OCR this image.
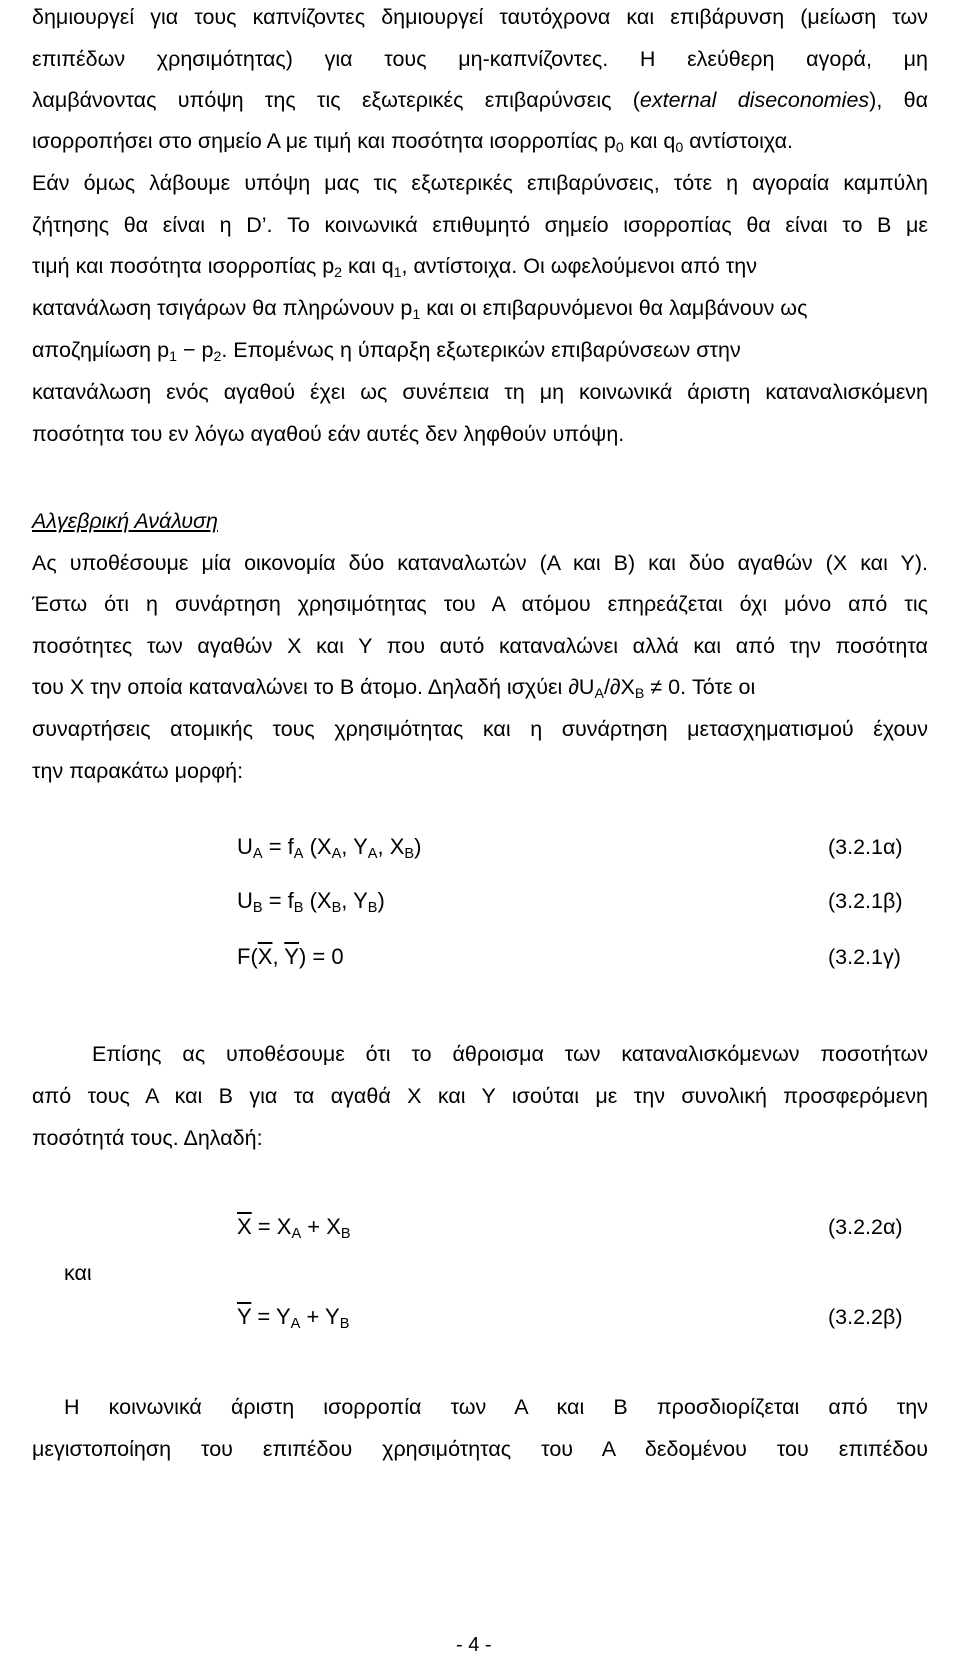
δημιουργεί για τους καπνίζοντες δημιουργεί ταυτόχρονα και επιβάρυνση (μείωση των
επιπέδων χρησιμότητας) για τους μη-καπνίζοντες. Η ελεύθερη αγορά, μη
λαμβάνοντας υπόψη της τις εξωτερικές επιβαρύνσεις (external diseconomies), θα
ισορροπήσει στο σημείο Α με τιμή και ποσότητα ισορροπίας $p_0$ και $q_0$ αντίστοιχα.
Εάν όμως λάβουμε υπόψη μας τις εξωτερικές επιβαρύνσεις, τότε η αγοραία καμπύλη
ζήτησης θα είναι η D’. Το κοινωνικά επιθυμητό σημείο ισορροπίας θα είναι το Β με
τιμή και ποσότητα ισορροπίας $p_2$ και $q_1$, αντίστοιχα. Οι ωφελούμενοι από την
κατανάλωση τσιγάρων θα πληρώνουν $p_1$ και οι επιβαρυνόμενοι θα λαμβάνουν ως
αποζημίωση $p_1 - p_2$. Επομένως η ύπαρξη εξωτερικών επιβαρύνσεων στην
κατανάλωση ενός αγαθού έχει ως συνέπεια τη μη κοινωνικά άριστη καταναλισκόμενη
ποσότητα του εν λόγω αγαθού εάν αυτές δεν ληφθούν υπόψη.
Αλγεβρική Ανάλυση
Ας υποθέσουμε μία οικονομία δύο καταναλωτών (Α και Β) και δύο αγαθών (Χ και Υ).
Έστω ότι η συνάρτηση χρησιμότητας του Α ατόμου επηρεάζεται όχι μόνο από τις
ποσότητες των αγαθών Χ και Υ που αυτό καταναλώνει αλλά και από την ποσότητα
του Χ την οποία καταναλώνει το Β άτομο. Δηλαδή ισχύει $\partial U_A/\partial X_B \ne 0$. Τότε οι
συναρτήσεις ατομικής τους χρησιμότητας και η συνάρτηση μετασχηματισμού έχουν
την παρακάτω μορφή:
$U_A = f_A$ ($X_A$, $Y_A$, $X_B$)	(3.2.1α)
$U_B = f_B$ ($X_B$, $Y_B$)	(3.2.1β)
$F(\overline{X}$, $\overline{Y}) = 0$	(3.2.1γ)
Επίσης ας υποθέσουμε ότι το άθροισμα των καταναλισκόμενων ποσοτήτων
από τους Α και Β για τα αγαθά Χ και Υ ισούται με την συνολική προσφερόμενη
ποσότητά τους. Δηλαδή:
$\overline{X} = X_A + X_B$	(3.2.2α)
και
$\overline{Y} = Y_A + Y_B$	(3.2.2β)
Η κοινωνικά άριστη ισορροπία των Α και Β προσδιορίζεται από την
μεγιστοποίηση του επιπέδου χρησιμότητας του Α δεδομένου του επιπέδου
- 4 -
